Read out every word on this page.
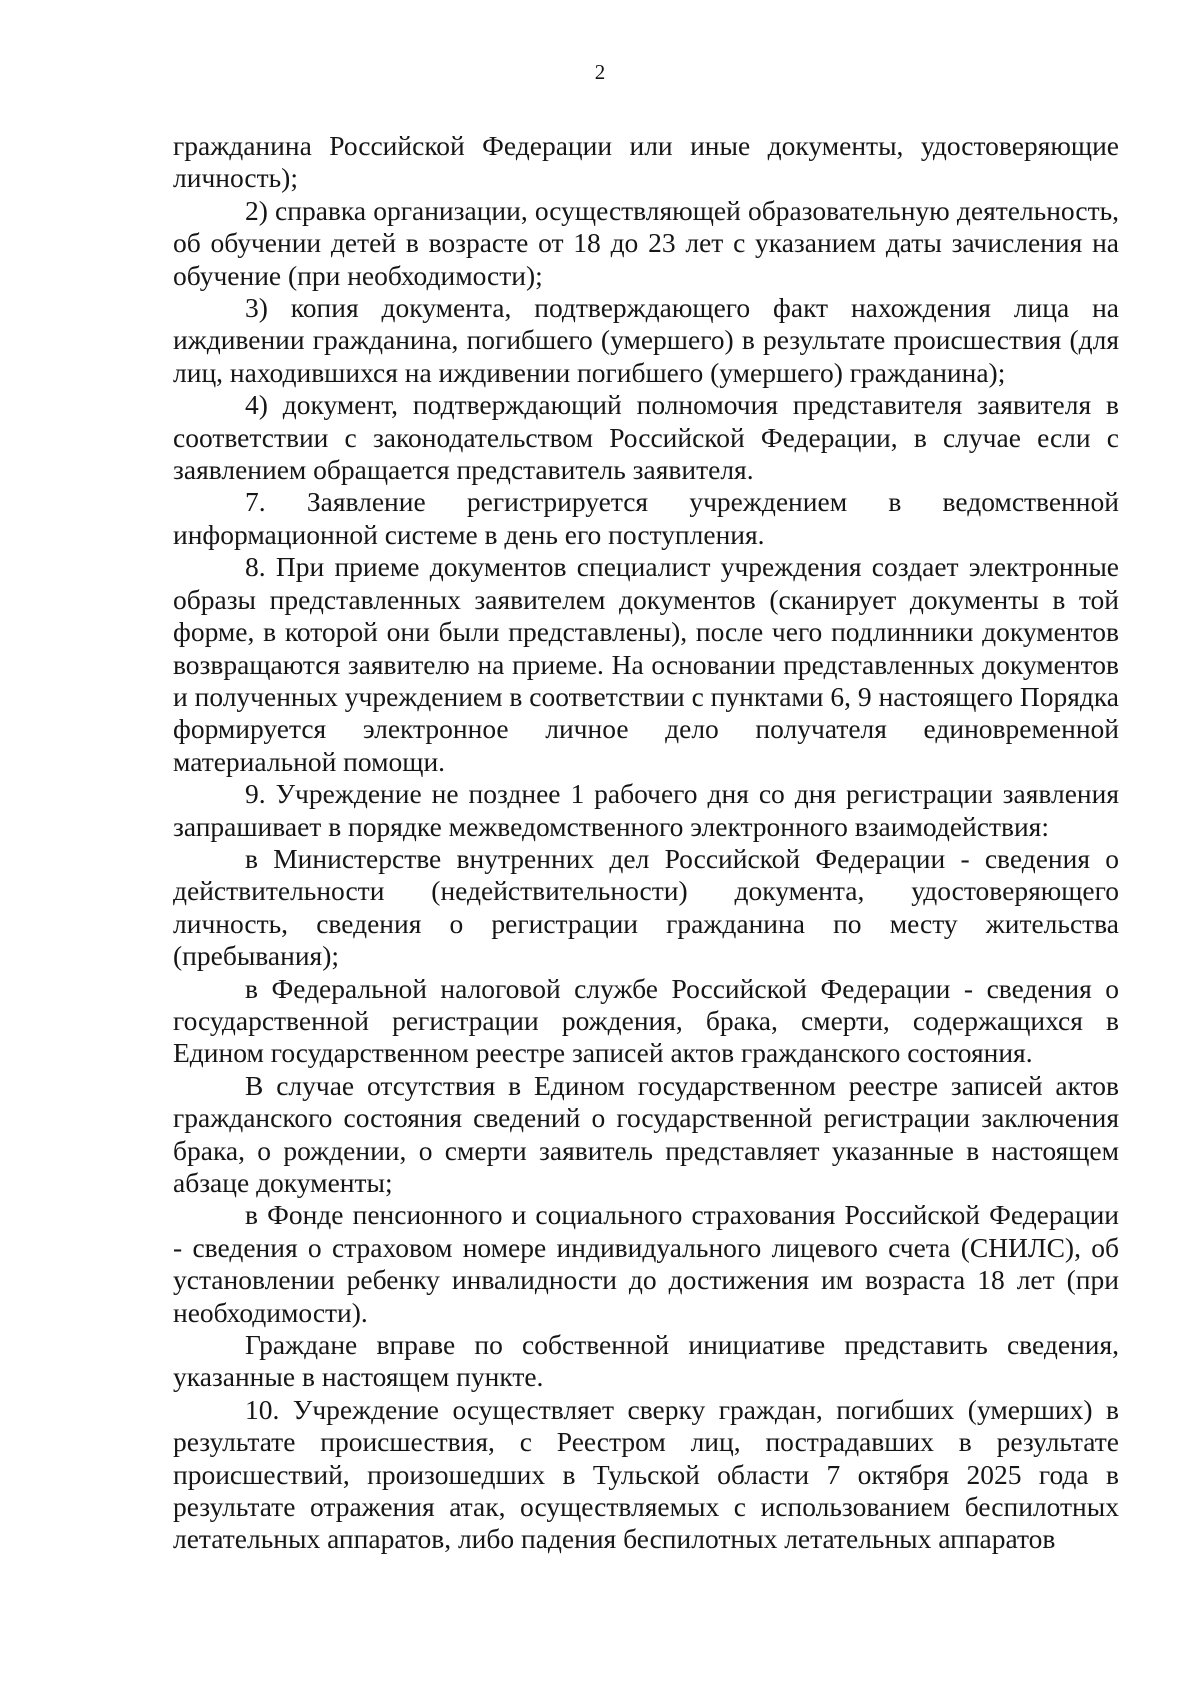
2

гражданина Российской Федерации или иные документы, удостоверяющие личность);

2) справка организации, осуществляющей образовательную деятельность, об обучении детей в возрасте от 18 до 23 лет с указанием даты зачисления на обучение (при необходимости);

3) копия документа, подтверждающего факт нахождения лица на иждивении гражданина, погибшего (умершего) в результате происшествия (для лиц, находившихся на иждивении погибшего (умершего) гражданина);

4) документ, подтверждающий полномочия представителя заявителя в соответствии с законодательством Российской Федерации, в случае если с заявлением обращается представитель заявителя.

7. Заявление регистрируется учреждением в ведомственной информационной системе в день его поступления.

8. При приеме документов специалист учреждения создает электронные образы представленных заявителем документов (сканирует документы в той форме, в которой они были представлены), после чего подлинники документов возвращаются заявителю на приеме. На основании представленных документов и полученных учреждением в соответствии с пунктами 6, 9 настоящего Порядка формируется электронное личное дело получателя единовременной материальной помощи.

9. Учреждение не позднее 1 рабочего дня со дня регистрации заявления запрашивает в порядке межведомственного электронного взаимодействия:

в Министерстве внутренних дел Российской Федерации - сведения о действительности (недействительности) документа, удостоверяющего личность, сведения о регистрации гражданина по месту жительства (пребывания);

в Федеральной налоговой службе Российской Федерации - сведения о государственной регистрации рождения, брака, смерти, содержащихся в Едином государственном реестре записей актов гражданского состояния.

В случае отсутствия в Едином государственном реестре записей актов гражданского состояния сведений о государственной регистрации заключения брака, о рождении, о смерти заявитель представляет указанные в настоящем абзаце документы;

в Фонде пенсионного и социального страхования Российской Федерации - сведения о страховом номере индивидуального лицевого счета (СНИЛС), об установлении ребенку инвалидности до достижения им возраста 18 лет (при необходимости).

Граждане вправе по собственной инициативе представить сведения, указанные в настоящем пункте.

10. Учреждение осуществляет сверку граждан, погибших (умерших) в результате происшествия, с Реестром лиц, пострадавших в результате происшествий, произошедших в Тульской области 7 октября 2025 года в результате отражения атак, осуществляемых с использованием беспилотных летательных аппаратов, либо падения беспилотных летательных аппаратов
